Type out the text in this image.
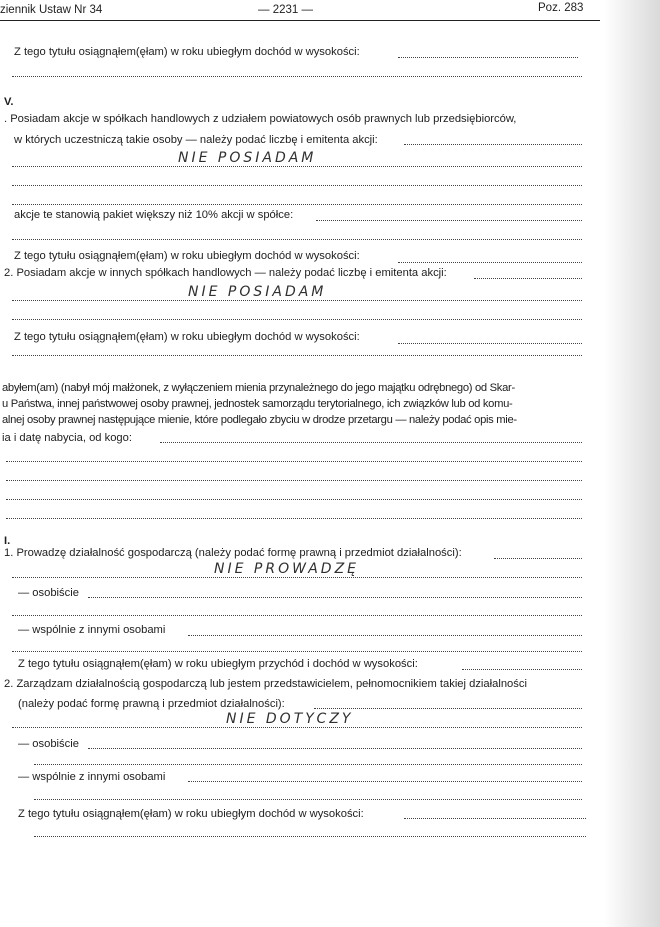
ziennik Ustaw Nr 34	— 2231 —	Poz. 283
Z tego tytułu osiągnąłem(ęłam) w roku ubiegłym dochód w wysokości:
V.
. Posiadam akcje w spółkach handlowych z udziałem powiatowych osób prawnych lub przedsiębiorców,
w których uczestniczą takie osoby — należy podać liczbę i emitenta akcji:
NIE POSIADAM
akcje te stanowią pakiet większy niż 10% akcji w spółce:
Z tego tytułu osiągnąłem(ęłam) w roku ubiegłym dochód w wysokości:
2. Posiadam akcje w innych spółkach handlowych — należy podać liczbę i emitenta akcji:
NIE POSIADAM
Z tego tytułu osiągnąłem(ęłam) w roku ubiegłym dochód w wysokości:
abyłem(am) (nabył mój małżonek, z wyłączeniem mienia przynależnego do jego majątku odrębnego) od Skar-
u Państwa, innej państwowej osoby prawnej, jednostek samorządu terytorialnego, ich związków lub od komu-
alnej osoby prawnej następujące mienie, które podlegało zbyciu w drodze przetargu — należy podać opis mie-
ia i datę nabycia, od kogo:
I.
1. Prowadzę działalność gospodarczą (należy podać formę prawną i przedmiot działalności):
NIE PROWADZĘ
— osobiście
— wspólnie z innymi osobami
Z tego tytułu osiągnąłem(ęłam) w roku ubiegłym przychód i dochód w wysokości:
2. Zarządzam działalnością gospodarczą lub jestem przedstawicielem, pełnomocnikiem takiej działalności
(należy podać formę prawną i przedmiot działalności):
NIE DOTYCZY
— osobiście
— wspólnie z innymi osobami
Z tego tytułu osiągnąłem(ęłam) w roku ubiegłym dochód w wysokości:
